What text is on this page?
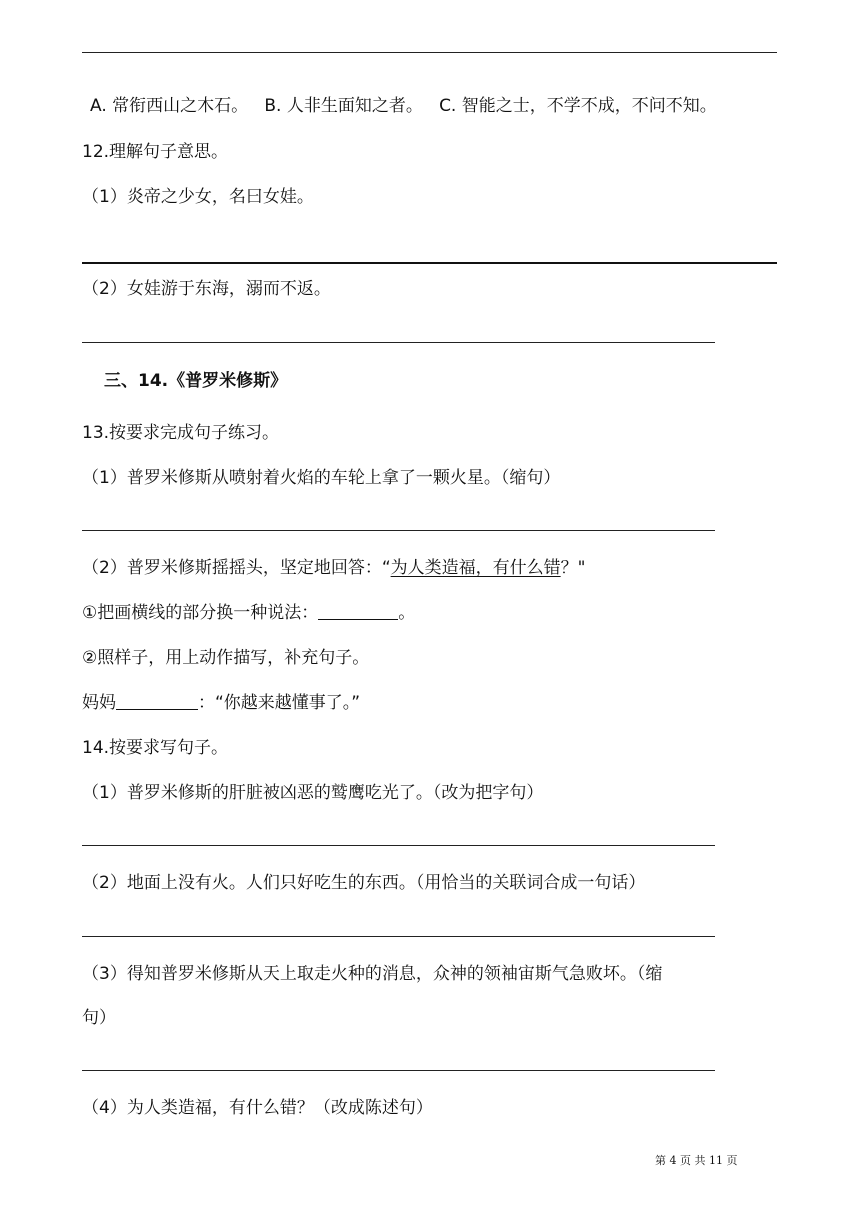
A. 常衔西山之木石。 B. 人非生面知之者。 C. 智能之士，不学不成，不问不知。
12.理解句子意思。
（1）炎帝之少女，名曰女娃。
（2）女娃游于东海，溺而不返。
三、14.《普罗米修斯》
13.按要求完成句子练习。
（1）普罗米修斯从喷射着火焰的车轮上拿了一颗火星。（缩句）
（2）普罗米修斯摇摇头，坚定地回答：“为人类造福，有什么错？"
①把画横线的部分换一种说法：	。
②照样子，用上动作描写，补充句子。
妈妈	：“你越来越懂事了。”
14.按要求写句子。
（1）普罗米修斯的肝脏被凶恶的鹫鹰吃光了。（改为把字句）
（2）地面上没有火。人们只好吃生的东西。（用恰当的关联词合成一句话）
（3）得知普罗米修斯从天上取走火种的消息，众神的领袖宙斯气急败坏。（缩
句）
（4）为人类造福，有什么错？（改成陈述句）
第 4 页 共 11 页
